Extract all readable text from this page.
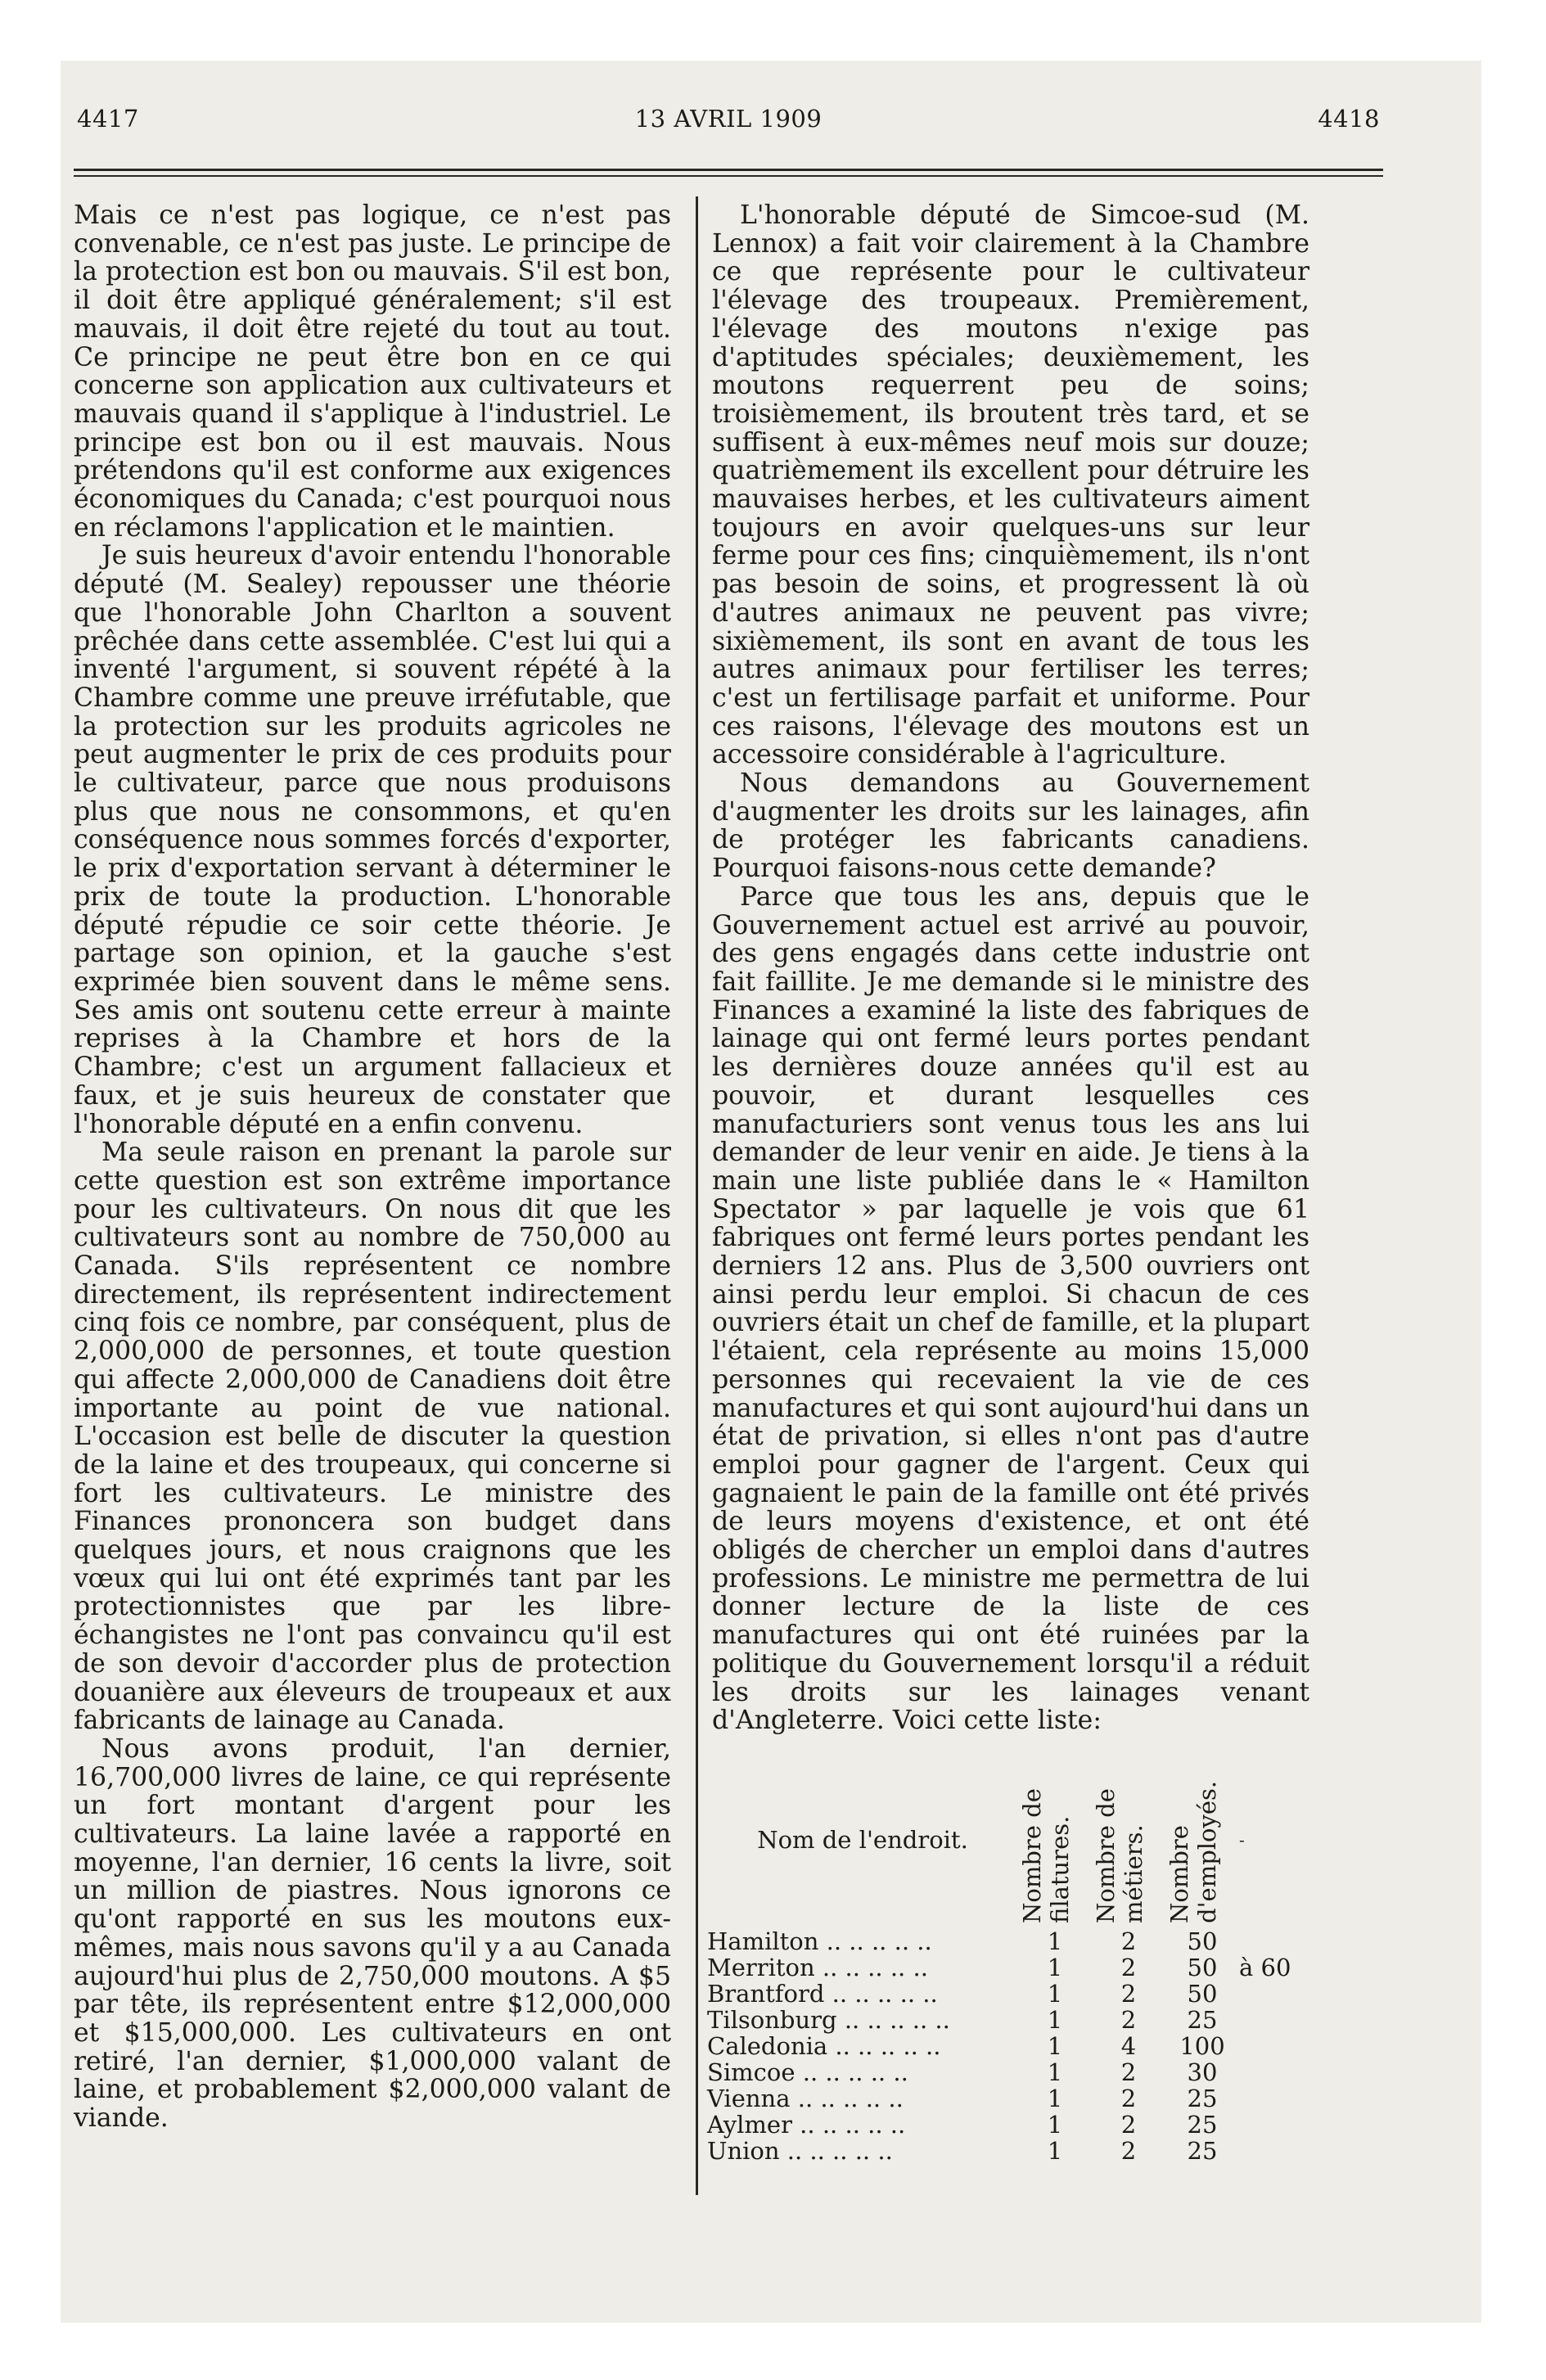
4417	13 AVRIL 1909	4418

Mais ce n'est pas logique, ce n'est pas convenable, ce n'est pas juste. Le principe de la protection est bon ou mauvais. S'il est bon, il doit être appliqué généralement; s'il est mauvais, il doit être rejeté du tout au tout. Ce principe ne peut être bon en ce qui concerne son application aux cultivateurs et mauvais quand il s'applique à l'industriel. Le principe est bon ou il est mauvais. Nous prétendons qu'il est conforme aux exigences économiques du Canada; c'est pourquoi nous en réclamons l'application et le maintien.

Je suis heureux d'avoir entendu l'honorable député (M. Sealey) repousser une théorie que l'honorable John Charlton a souvent prêchée dans cette assemblée. C'est lui qui a inventé l'argument, si souvent répété à la Chambre comme une preuve irréfutable, que la protection sur les produits agricoles ne peut augmenter le prix de ces produits pour le cultivateur, parce que nous produisons plus que nous ne consommons, et qu'en conséquence nous sommes forcés d'exporter, le prix d'exportation servant à déterminer le prix de toute la production. L'honorable député répudie ce soir cette théorie. Je partage son opinion, et la gauche s'est exprimée bien souvent dans le même sens. Ses amis ont soutenu cette erreur à mainte reprises à la Chambre et hors de la Chambre; c'est un argument fallacieux et faux, et je suis heureux de constater que l'honorable député en a enfin convenu.

Ma seule raison en prenant la parole sur cette question est son extrême importance pour les cultivateurs. On nous dit que les cultivateurs sont au nombre de 750,000 au Canada. S'ils représentent ce nombre directement, ils représentent indirectement cinq fois ce nombre, par conséquent, plus de 2,000,000 de personnes, et toute question qui affecte 2,000,000 de Canadiens doit être importante au point de vue national. L'occasion est belle de discuter la question de la laine et des troupeaux, qui concerne si fort les cultivateurs. Le ministre des Finances prononcera son budget dans quelques jours, et nous craignons que les vœux qui lui ont été exprimés tant par les protectionnistes que par les libre-échangistes ne l'ont pas convaincu qu'il est de son devoir d'accorder plus de protection douanière aux éleveurs de troupeaux et aux fabricants de lainage au Canada.

Nous avons produit, l'an dernier, 16,700,000 livres de laine, ce qui représente un fort montant d'argent pour les cultivateurs. La laine lavée a rapporté en moyenne, l'an dernier, 16 cents la livre, soit un million de piastres. Nous ignorons ce qu'ont rapporté en sus les moutons eux-mêmes, mais nous savons qu'il y a au Canada aujourd'hui plus de 2,750,000 moutons. A $5 par tête, ils représentent entre $12,000,000 et $15,000,000. Les cultivateurs en ont retiré, l'an dernier, $1,000,000 valant de laine, et probablement $2,000,000 valant de viande.

L'honorable député de Simcoe-sud (M. Lennox) a fait voir clairement à la Chambre ce que représente pour le cultivateur l'élevage des troupeaux. Premièrement, l'élevage des moutons n'exige pas d'aptitudes spéciales; deuxièmement, les moutons requerrent peu de soins; troisièmement, ils broutent très tard, et se suffisent à eux-mêmes neuf mois sur douze; quatrièmement ils excellent pour détruire les mauvaises herbes, et les cultivateurs aiment toujours en avoir quelques-uns sur leur ferme pour ces fins; cinquièmement, ils n'ont pas besoin de soins, et progressent là où d'autres animaux ne peuvent pas vivre; sixièmement, ils sont en avant de tous les autres animaux pour fertiliser les terres; c'est un fertilisage parfait et uniforme. Pour ces raisons, l'élevage des moutons est un accessoire considérable à l'agriculture.

Nous demandons au Gouvernement d'augmenter les droits sur les lainages, afin de protéger les fabricants canadiens. Pourquoi faisons-nous cette demande?

Parce que tous les ans, depuis que le Gouvernement actuel est arrivé au pouvoir, des gens engagés dans cette industrie ont fait faillite. Je me demande si le ministre des Finances a examiné la liste des fabriques de lainage qui ont fermé leurs portes pendant les dernières douze années qu'il est au pouvoir, et durant lesquelles ces manufacturiers sont venus tous les ans lui demander de leur venir en aide. Je tiens à la main une liste publiée dans le « Hamilton Spectator » par laquelle je vois que 61 fabriques ont fermé leurs portes pendant les derniers 12 ans. Plus de 3,500 ouvriers ont ainsi perdu leur emploi. Si chacun de ces ouvriers était un chef de famille, et la plupart l'étaient, cela représente au moins 15,000 personnes qui recevaient la vie de ces manufactures et qui sont aujourd'hui dans un état de privation, si elles n'ont pas d'autre emploi pour gagner de l'argent. Ceux qui gagnaient le pain de la famille ont été privés de leurs moyens d'existence, et ont été obligés de chercher un emploi dans d'autres professions. Le ministre me permettra de lui donner lecture de la liste de ces manufactures qui ont été ruinées par la politique du Gouvernement lorsqu'il a réduit les droits sur les lainages venant d'Angleterre. Voici cette liste:

Nom de l'endroit.	Nombre de filatures.	Nombre de métiers.	Nombre d'employés.	-
Hamilton .. .. .. .. ..	1	2	50	
Merriton .. .. .. .. ..	1	2	50	à 60
Brantford .. .. .. .. ..	1	2	50	
Tilsonburg .. .. .. .. ..	1	2	25	
Caledonia .. .. .. .. ..	1	4	100	
Simcoe .. .. .. .. ..	1	2	30	
Vienna .. .. .. .. ..	1	2	25	
Aylmer .. .. .. .. ..	1	2	25	
Union .. .. .. .. ..	1	2	25	
